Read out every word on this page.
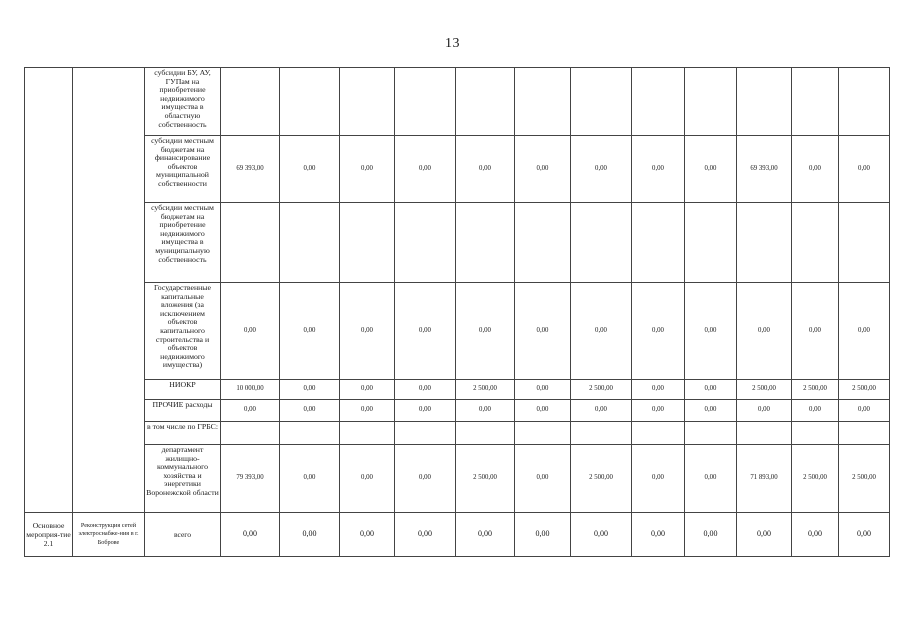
13
		субсидии БУ, АУ, ГУПам на приобретение недвижимого имущества в областную собственность												
		субсидии местным бюджетам на финансирование объектов муниципальной собственности	69 393,00	0,00	0,00	0,00	0,00	0,00	0,00	0,00	0,00	69 393,00	0,00	0,00
		субсидии местным бюджетам на приобретение недвижимого имущества в муниципальную собственность												
		Государственные капитальные вложения (за исключением объектов капитального строительства и объектов недвижимого имущества)	0,00	0,00	0,00	0,00	0,00	0,00	0,00	0,00	0,00	0,00	0,00	0,00
		НИОКР	10 000,00	0,00	0,00	0,00	2 500,00	0,00	2 500,00	0,00	0,00	2 500,00	2 500,00	2 500,00
		ПРОЧИЕ расходы	0,00	0,00	0,00	0,00	0,00	0,00	0,00	0,00	0,00	0,00	0,00	0,00
		в том числе по ГРБС:												
		департамент жилищно-коммунального хозяйства и энергетики Воронежской области	79 393,00	0,00	0,00	0,00	2 500,00	0,00	2 500,00	0,00	0,00	71 893,00	2 500,00	2 500,00
Основное мероприя-тие 2.1	Реконструкция сетей электроснабже-ния в г. Боброве	всего	0,00	0,00	0,00	0,00	0,00	0,00	0,00	0,00	0,00	0,00	0,00	0,00
